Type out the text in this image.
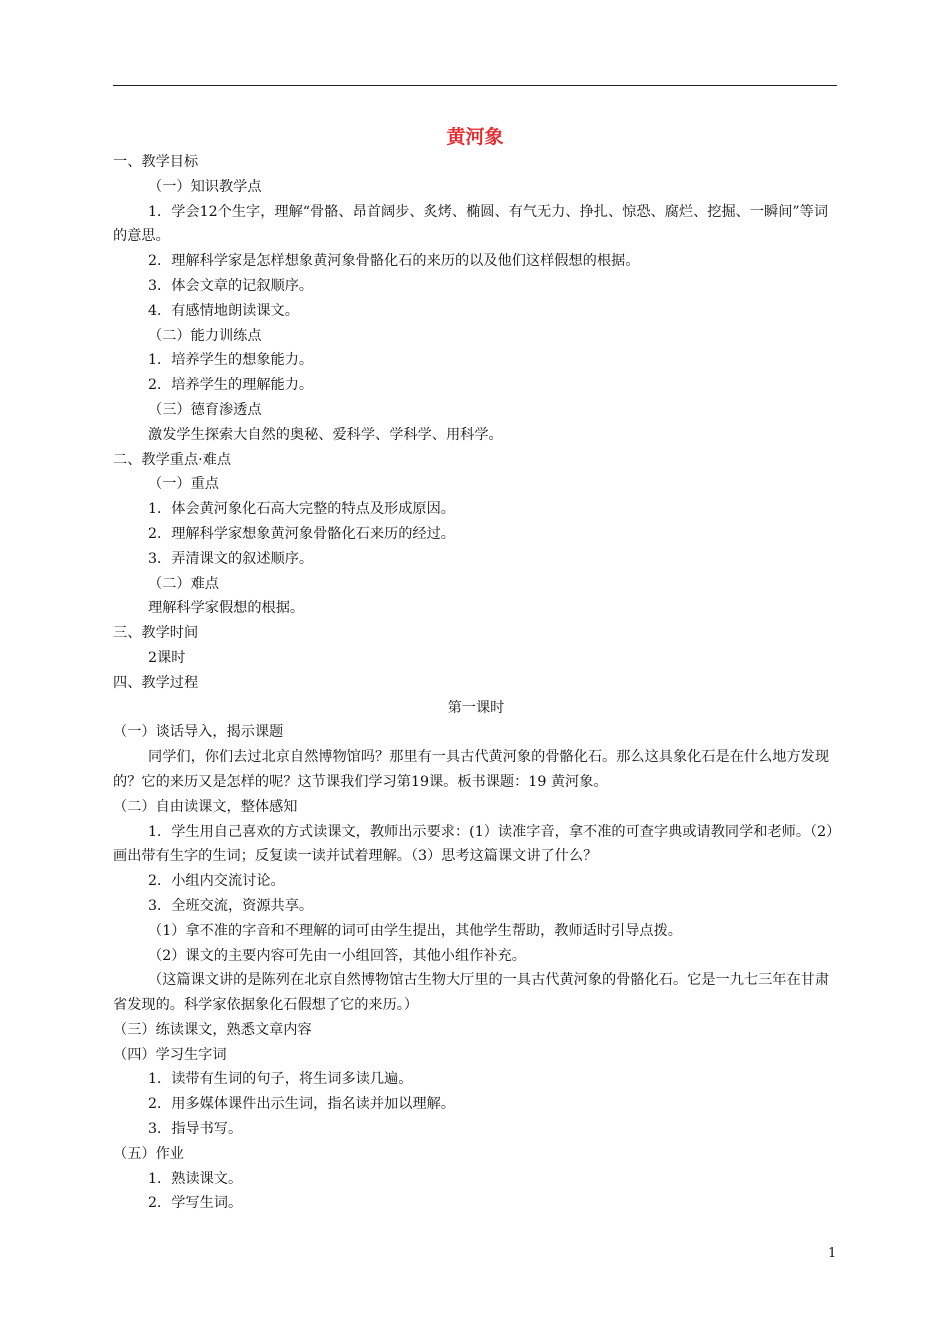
黄河象

一、教学目标

（一）知识教学点

1．学会12个生字，理解“骨骼、昂首阔步、炙烤、椭圆、有气无力、挣扎、惊恐、腐烂、挖掘、一瞬间”等词的意思。

2．理解科学家是怎样想象黄河象骨骼化石的来历的以及他们这样假想的根据。

3．体会文章的记叙顺序。

4．有感情地朗读课文。

（二）能力训练点

1．培养学生的想象能力。

2．培养学生的理解能力。

（三）德育渗透点

激发学生探索大自然的奥秘、爱科学、学科学、用科学。

二、教学重点·难点

（一）重点

1．体会黄河象化石高大完整的特点及形成原因。

2．理解科学家想象黄河象骨骼化石来历的经过。

3．弄清课文的叙述顺序。

（二）难点

理解科学家假想的根据。

三、教学时间

2课时

四、教学过程

第一课时

（一）谈话导入，揭示课题

同学们，你们去过北京自然博物馆吗？那里有一具古代黄河象的骨骼化石。那么这具象化石是在什么地方发现的？它的来历又是怎样的呢？这节课我们学习第19课。板书课题：19 黄河象。

（二）自由读课文，整体感知

1．学生用自己喜欢的方式读课文，教师出示要求：(1）读准字音，拿不准的可查字典或请教同学和老师。（2）画出带有生字的生词；反复读一读并试着理解。（3）思考这篇课文讲了什么？

2．小组内交流讨论。

3．全班交流，资源共享。

（1）拿不准的字音和不理解的词可由学生提出，其他学生帮助，教师适时引导点拨。

（2）课文的主要内容可先由一小组回答，其他小组作补充。

（这篇课文讲的是陈列在北京自然博物馆古生物大厅里的一具古代黄河象的骨骼化石。它是一九七三年在甘肃省发现的。科学家依据象化石假想了它的来历。）

（三）练读课文，熟悉文章内容

（四）学习生字词

1．读带有生词的句子，将生词多读几遍。

2．用多媒体课件出示生词，指名读并加以理解。

3．指导书写。

（五）作业

1．熟读课文。

2．学写生词。

1
